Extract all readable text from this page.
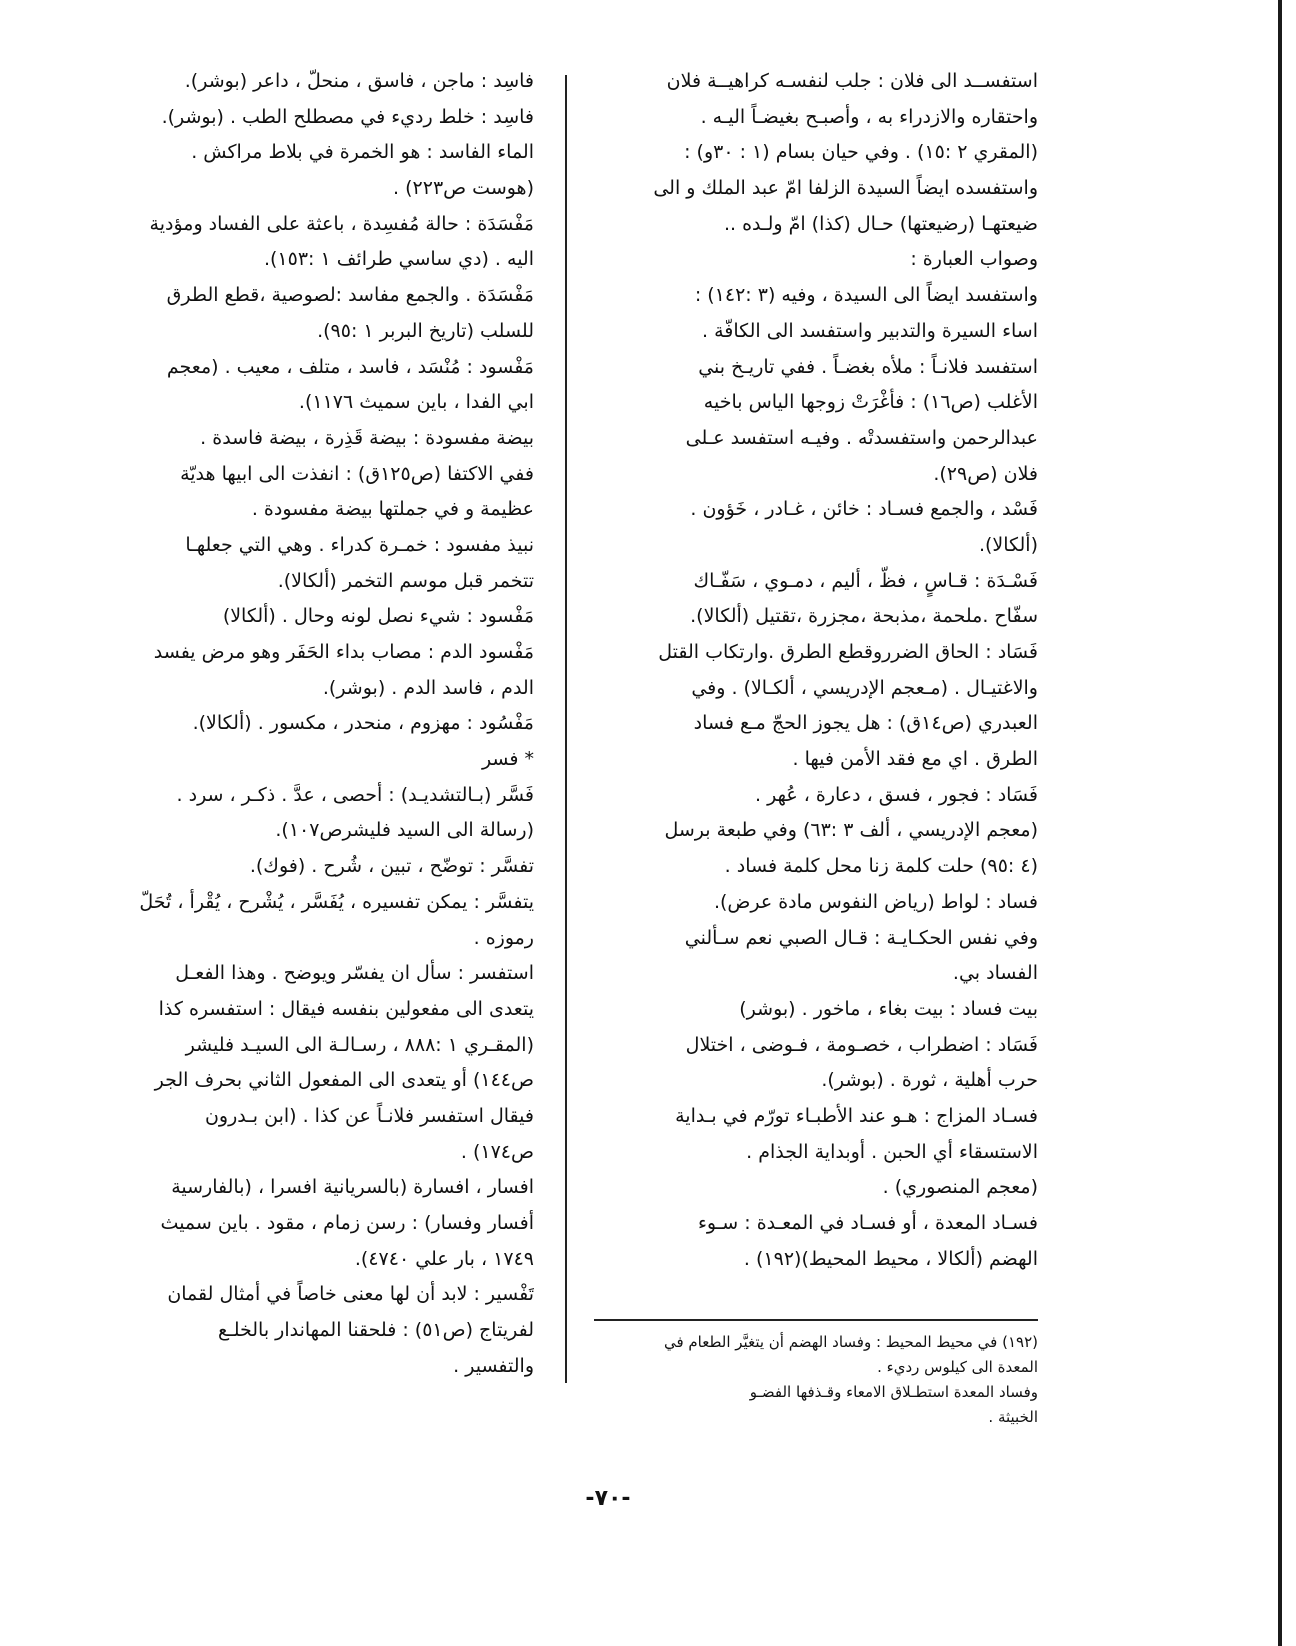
استفســد الى فلان : جلب لنفسـه كراهيــة فلان
واحتقاره والازدراء به ، وأصبـح بغيضـاً اليـه .
(المقري ٢ :١٥) . وفي حيان بسام (١ : ٣٠و) :
واستفسده ايضاً السيدة الزلفا امّ عبد الملك و الى
ضيعتهـا (رضيعتها) حـال (كذا) امّ ولـده ..
وصواب العبارة :
واستفسد ايضاً الى السيدة ، وفيه (٣ :١٤٢) :
اساء السيرة والتدبير واستفسد الى الكافّة .
استفسد فلانـاً : ملأه بغضـاً . ففي تاريـخ بني
الأغلب (ص١٦) : فأغْرَتْ زوجها الياس باخيه
عبدالرحمن واستفسدتْه . وفيـه استفسد عـلى
فلان (ص٢٩).
فَسْد ، والجمع فسـاد : خائن ، غـادر ، خَؤون .
(ألكالا).
فَسْـدَة : قـاسٍ ، فظّ ، أليم ، دمـوي ، سَفّـاك
سفّاح .ملحمة ،مذبحة ،مجزرة ،تقتيل (ألكالا).
فَسَاد : الحاق الضرروقطع الطرق .وارتكاب القتل
والاغتيـال . (مـعجم الإدريسي ، ألكـالا) . وفي
العبدري (ص١٤ق) : هل يجوز الحجّ مـع فساد
الطرق . اي مع فقد الأمن فيها .
فَسَاد : فجور ، فسق ، دعارة ، عُهر .
(معجم الإدريسي ، ألف ٣ :٦٣) وفي طبعة برسل
(٤ :٩٥) حلت كلمة زنا محل كلمة فساد .
فساد : لواط (رياض النفوس مادة عرض).
وفي نفس الحكـايـة : قـال الصبي نعم سـألني
الفساد بي.
بيت فساد : بيت بغاء ، ماخور . (بوشر)
فَسَاد : اضطراب ، خصـومة ، فـوضى ، اختلال
حرب أهلية ، ثورة . (بوشر).
فسـاد المزاج : هـو عند الأطبـاء تورّم في بـداية
الاستسقاء أي الحبن . أوبداية الجذام .
(معجم المنصوري) .
فسـاد المعدة ، أو فسـاد في المعـدة : سـوء
الهضم (ألكالا ، محيط المحيط)(١٩٢) .
فاسِد : ماجن ، فاسق ، منحلّ ، داعر (بوشر).
فاسِد : خلط رديء في مصطلح الطب . (بوشر).
الماء الفاسد : هو الخمرة في بلاط مراكش .
(هوست ص٢٢٣) .
مَفْسَدَة : حالة مُفسِدة ، باعثة على الفساد ومؤدية
اليه . (دي ساسي طرائف ١ :١٥٣).
مَفْسَدَة . والجمع مفاسد :لصوصية ،قطع الطرق
للسلب (تاريخ البربر ١ :٩٥).
مَفْسود : مُنْسَد ، فاسد ، متلف ، معيب . (معجم
ابي الفدا ، باين سميث ١١٧٦).
بيضة مفسودة : بيضة قَذِرة ، بيضة فاسدة .
ففي الاكتفا (ص١٢٥ق) : انفذت الى ابيها هديّة
عظيمة و في جملتها بيضة مفسودة .
نبيذ مفسود : خمـرة كدراء . وهي التي جعلهـا
تتخمر قبل موسم التخمر (ألكالا).
مَفْسود : شيء نصل لونه وحال . (ألكالا)
مَفْسود الدم : مصاب بداء الحَفَر وهو مرض يفسد
الدم ، فاسد الدم . (بوشر).
مَفْسُود : مهزوم ، منحدر ، مكسور . (ألكالا).
* فسر
فَسَّر (بـالتشديـد) : أحصى ، عدَّ . ذكـر ، سرد .
(رسالة الى السيد فليشرص١٠٧).
تفسَّر : توضّح ، تبين ، شُرح . (فوك).
يتفسَّر : يمكن تفسيره ، يُفَسَّر ، يُشْرح ، يُقْرأ ، تُحَلّ
رموزه .
استفسر : سأل ان يفسّر ويوضح . وهذا الفعـل
يتعدى الى مفعولين بنفسه فيقال : استفسره كذا
(المقـري ١ :٨٨٨ ، رسـالـة الى السيـد فليشر
ص١٤٤) أو يتعدى الى المفعول الثاني بحرف الجر
فيقال استفسر فلانـاً عن كذا . (ابن بـدرون
ص١٧٤) .
افسار ، افسارة (بالسريانية افسرا ، (بالفارسية
أفسار وفسار) : رسن زمام ، مقود . باين سميث
١٧٤٩ ، بار علي ٤٧٤٠).
تَفْسير : لابد أن لها معنى خاصاً في أمثال لقمان
لفريتاج (ص٥١) : فلحقنا المهاندار بالخلـع
والتفسير .
(١٩٢) في محيط المحيط : وفساد الهضم أن يتغيَّر الطعام في
المعدة الى كيلوس رديء .
وفساد المعدة استطـلاق الامعاء وقـذفها الفضـو
الخبيثة .
-٧٠-
